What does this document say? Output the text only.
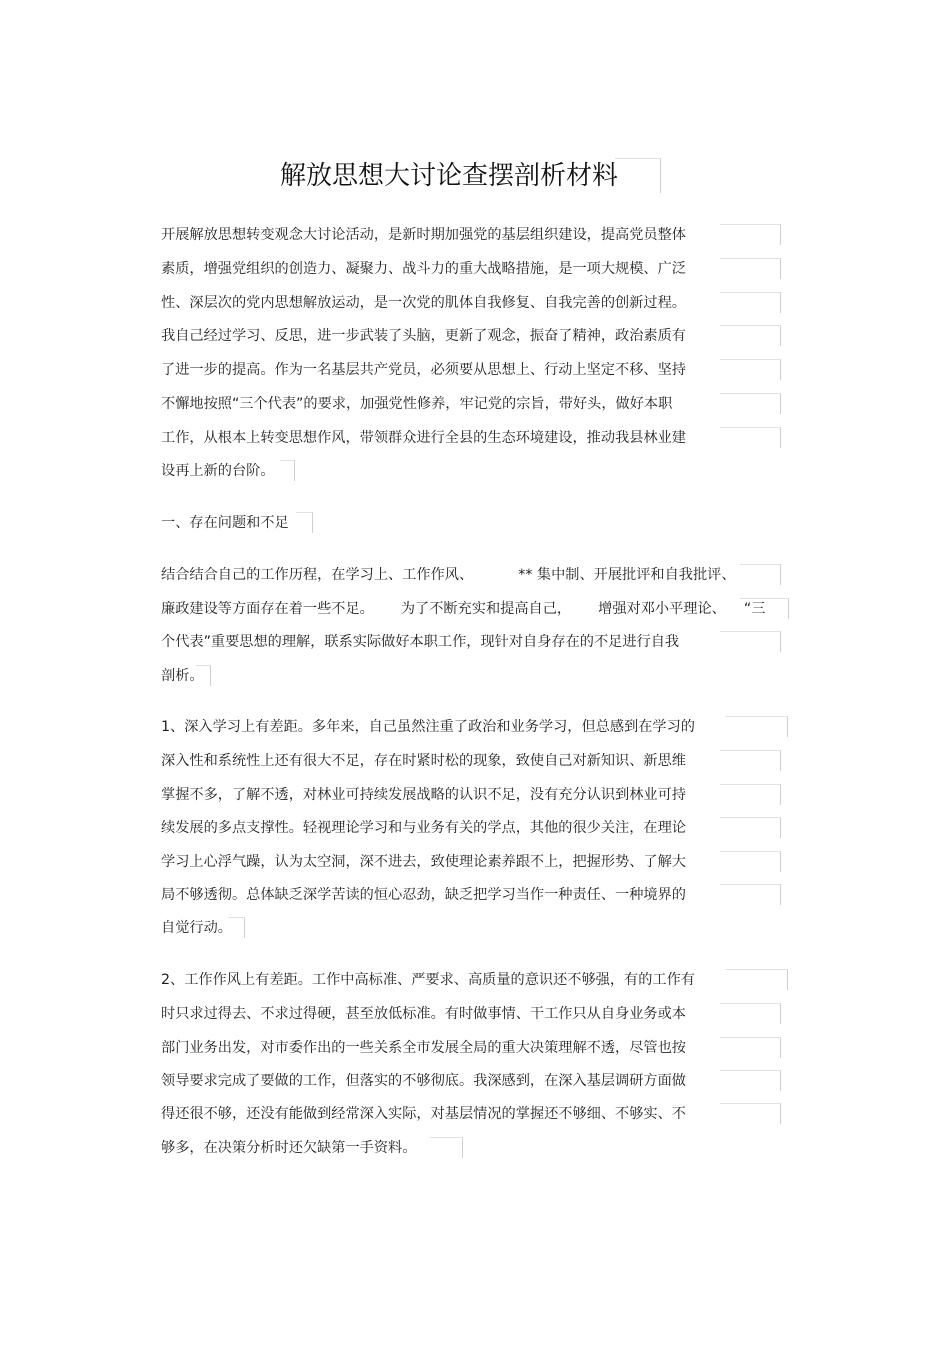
解放思想大讨论查摆剖析材料
开展解放思想转变观念大讨论活动，是新时期加强党的基层组织建设，提高党员整体
素质，增强党组织的创造力、凝聚力、战斗力的重大战略措施，是一项大规模、广泛
性、深层次的党内思想解放运动，是一次党的肌体自我修复、自我完善的创新过程。
我自己经过学习、反思，进一步武装了头脑，更新了观念，振奋了精神，政治素质有
了进一步的提高。作为一名基层共产党员，必须要从思想上、行动上坚定不移、坚持
不懈地按照“三个代表”的要求，加强党性修养，牢记党的宗旨，带好头，做好本职
工作，从根本上转变思想作风，带领群众进行全县的生态环境建设，推动我县林业建
设再上新的台阶。
一、存在问题和不足
结合结合自己的工作历程，在学习上、工作作风、          ** 集中制、开展批评和自我批评、
廉政建设等方面存在着一些不足。      为了不断充实和提高自己，      增强对邓小平理论、    “三
个代表”重要思想的理解，联系实际做好本职工作，现针对自身存在的不足进行自我
剖析。
1、深入学习上有差距。多年来，自己虽然注重了政治和业务学习，但总感到在学习的
深入性和系统性上还有很大不足，存在时紧时松的现象，致使自己对新知识、新思维
掌握不多，了解不透，对林业可持续发展战略的认识不足，没有充分认识到林业可持
续发展的多点支撑性。轻视理论学习和与业务有关的学点，其他的很少关注，在理论
学习上心浮气躁，认为太空洞，深不进去，致使理论素养跟不上，把握形势、了解大
局不够透彻。总体缺乏深学苦读的恒心忍劲，缺乏把学习当作一种责任、一种境界的
自觉行动。
2、工作作风上有差距。工作中高标准、严要求、高质量的意识还不够强，有的工作有
时只求过得去、不求过得硬，甚至放低标准。有时做事情、干工作只从自身业务或本
部门业务出发，对市委作出的一些关系全市发展全局的重大决策理解不透，尽管也按
领导要求完成了要做的工作，但落实的不够彻底。我深感到，在深入基层调研方面做
得还很不够，还没有能做到经常深入实际，对基层情况的掌握还不够细、不够实、不
够多，在决策分析时还欠缺第一手资料。
